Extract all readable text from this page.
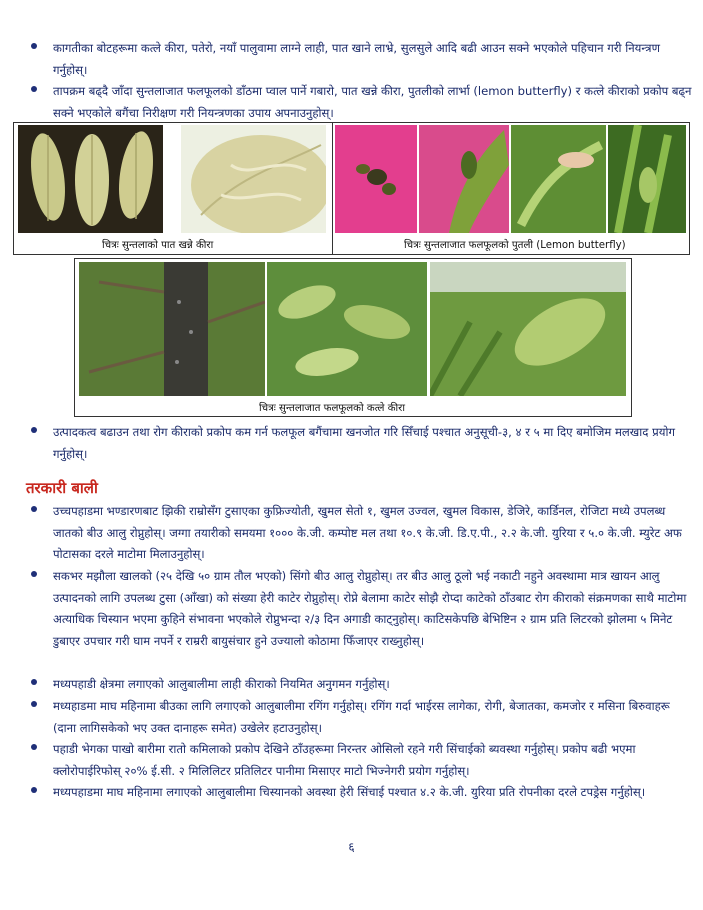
कागतीका बोटहरूमा कत्ले कीरा, पतेरो, नयाँ पालुवामा लाग्ने लाही, पात खाने लाभ्रे, सुलसुले आदि बढी आउन सक्ने भएकोले पहिचान गरी नियन्त्रण गर्नुहोस्।

तापक्रम बढ्दै जाँदा सुन्तलाजात फलफूलको डाँठमा प्वाल पार्ने गबारो, पात खन्ने कीरा, पुतलीको लार्भा (lemon butterfly) र कत्ले कीराको प्रकोप बढ्न सक्ने भएकोले बगैंचा निरीक्षण गरी नियन्त्रणका उपाय अपनाउनुहोस्।

चित्रः सुन्तलाको पात खन्ने कीरा	चित्रः सुन्तलाजात फलफूलको पुतली (Lemon butterfly)
चित्रः सुन्तलाजात फलफूलको कत्ले कीरा

उत्पादकत्व बढाउन तथा रोग कीराको प्रकोप कम गर्न फलफूल बगैंचामा खनजोत गरि सिँचाई पश्चात अनुसूची-३, ४ र ५ मा दिए बमोजिम मलखाद प्रयोग गर्नुहोस्।

तरकारी बाली

उच्चपहाडमा भण्डारणबाट झिकी राम्रोसँग टुसाएका कुफ्रिज्योती, खुमल सेतो १, खुमल उज्वल, खुमल विकास, डेजिरे, कार्डिनल, रोजिटा मध्ये उपलब्ध जातको बीउ आलु रोप्नुहोस्। जग्गा तयारीको समयमा १००० के.जी. कम्पोष्ट मल तथा १०.९ के.जी. डि.ए.पी., २.२ के.जी. युरिया र ५.० के.जी. म्युरेट अफ पोटासका दरले माटोमा मिलाउनुहोस्।

सकभर मझौला खालको (२५ देखि ५० ग्राम तौल भएको) सिंगो बीउ आलु रोप्नुहोस्। तर बीउ आलु ठूलो भई नकाटी नहुने अवस्थामा मात्र खायन आलु उत्पादनको लागि उपलब्ध टुसा (आँखा) को संख्या हेरी काटेर रोप्नुहोस्। रोप्ने बेलामा काटेर सोझै रोप्दा काटेको ठाँउबाट रोग कीराको संक्रमणका साथै माटोमा अत्याधिक चिस्यान भएमा कुहिने संभावना भएकोले रोप्नुभन्दा २/३ दिन अगाडी काट्नुहोस्। काटिसकेपछि बेभिष्टिन २ ग्राम प्रति लिटरको झोलमा ५ मिनेट डुबाएर उपचार गरी घाम नपर्ने र राम्ररी बायुसंचार हुने उज्यालो कोठामा फिँजाएर राख्नुहोस्।

मध्यपहाडी क्षेत्रमा लगाएको आलुबालीमा लाही कीराको नियमित अनुगमन गर्नुहोस्।

मध्यहाडमा माघ महिनामा बीउका लागि लगाएको आलुबालीमा रगिंग गर्नुहोस्। रगिंग गर्दा भाईरस लागेका, रोगी, बेजातका, कमजोर र मसिना बिरुवाहरू (दाना लागिसकेको भए उक्त दानाहरू समेत) उखेलेर हटाउनुहोस्।

पहाडी भेगका पाखो बारीमा रातो कमिलाको प्रकोप देखिने ठाँउहरूमा निरन्तर ओसिलो रहने गरी सिंचाईको ब्यवस्था गर्नुहोस्। प्रकोप बढी भएमा क्लोरोपाईरिफोस् २०% ई.सी. २ मिलिलिटर प्रतिलिटर पानीमा मिसाएर माटो भिज्नेगरी प्रयोग गर्नुहोस्।

मध्यपहाडमा माघ महिनामा लगाएको आलुबालीमा चिस्यानको अवस्था हेरी सिंचाई पश्चात ४.२ के.जी. युरिया प्रति रोपनीका दरले टपड्रेस गर्नुहोस्।

६
